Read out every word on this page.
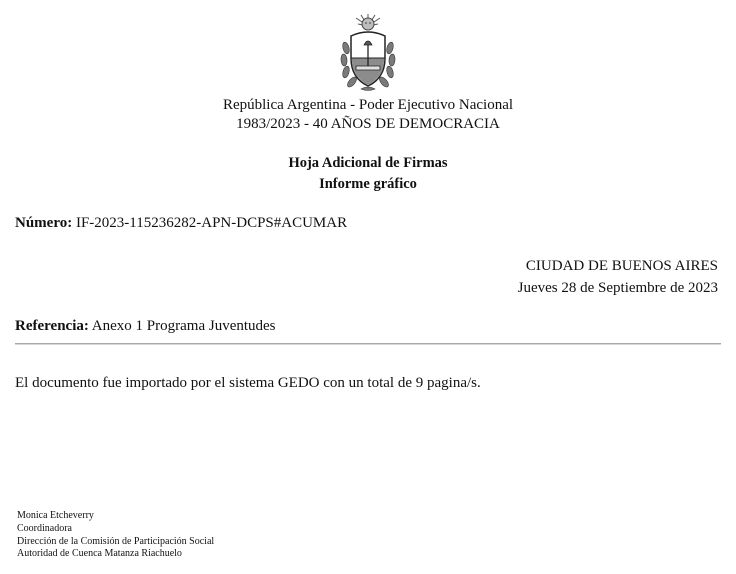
República Argentina - Poder Ejecutivo Nacional
1983/2023 - 40 AÑOS DE DEMOCRACIA
Hoja Adicional de Firmas
Informe gráfico
Número: IF-2023-115236282-APN-DCPS#ACUMAR
CIUDAD DE BUENOS AIRES
Jueves 28 de Septiembre de 2023
Referencia: Anexo 1 Programa Juventudes
El documento fue importado por el sistema GEDO con un total de 9 pagina/s.
Monica Etcheverry
Coordinadora
Dirección de la Comisión de Participación Social
Autoridad de Cuenca Matanza Riachuelo
